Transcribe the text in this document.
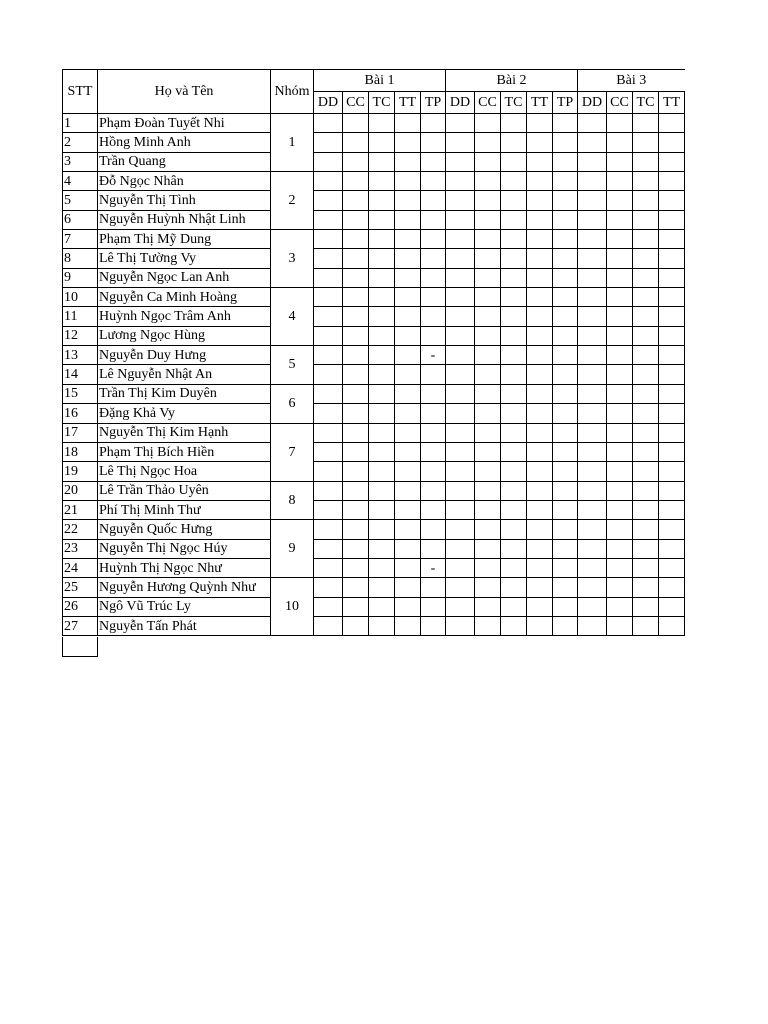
STT	Họ và Tên	Nhóm	Bài 1					Bài 2					Bài 3			
			DD	CC	TC	TT	TP	DD	CC	TC	TT	TP	DD	CC	TC	TT
1	Phạm Đoàn Tuyết Nhi	1														
2	Hồng Minh Anh															
3	Trần Quang															
4	Đỗ Ngọc Nhân	2														
5	Nguyễn Thị Tình															
6	Nguyễn Huỳnh Nhật Linh															
7	Phạm Thị Mỹ Dung	3														
8	Lê Thị Tường Vy															
9	Nguyễn Ngọc Lan Anh															
10	Nguyễn Ca Minh Hoàng	4														
11	Huỳnh Ngọc Trâm Anh															
12	Lương Ngọc Hùng															
13	Nguyễn Duy Hưng	5					-									
14	Lê Nguyễn Nhật An															
15	Trần Thị Kim Duyên	6														
16	Đặng Khả Vy															
17	Nguyễn Thị Kim Hạnh	7														
18	Phạm Thị Bích Hiền															
19	Lê Thị Ngọc Hoa															
20	Lê Trần Thảo Uyên	8														
21	Phí Thị Minh Thư															
22	Nguyễn Quốc Hưng	9														
23	Nguyễn Thị Ngọc Húy															
24	Huỳnh Thị Ngọc Như						-									
25	Nguyễn Hương Quỳnh Như	10														
26	Ngô Vũ Trúc Ly															
27	Nguyễn Tấn Phát															
